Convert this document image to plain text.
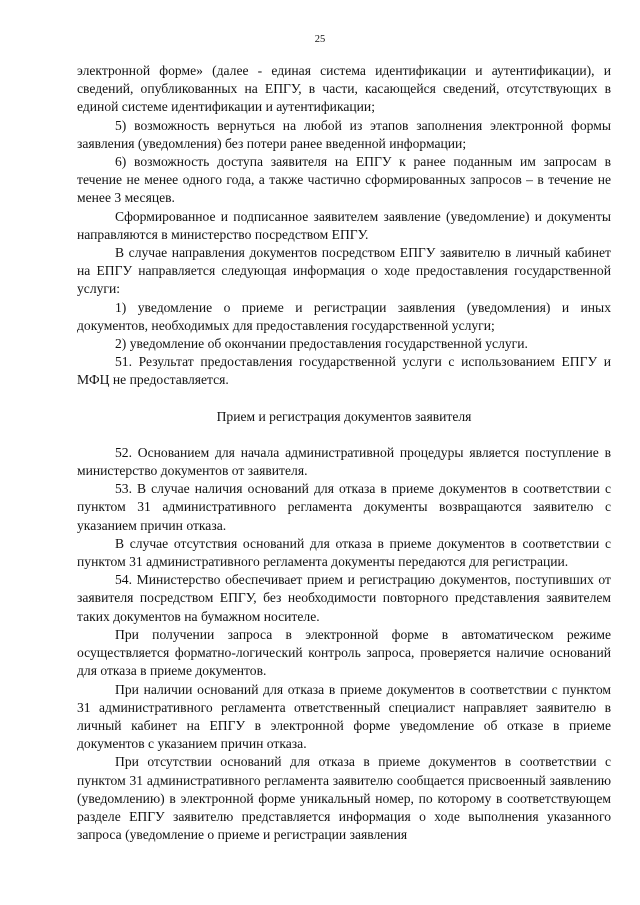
25

электронной форме» (далее - единая система идентификации и аутентификации), и сведений, опубликованных на ЕПГУ, в части, касающейся сведений, отсутствующих в единой системе идентификации и аутентификации;

5) возможность вернуться на любой из этапов заполнения электронной формы заявления (уведомления) без потери ранее введенной информации;

6) возможность доступа заявителя на ЕПГУ к ранее поданным им запросам в течение не менее одного года, а также частично сформированных запросов – в течение не менее 3 месяцев.

Сформированное и подписанное заявителем заявление (уведомление) и документы направляются в министерство посредством ЕПГУ.

В случае направления документов посредством ЕПГУ заявителю в личный кабинет на ЕПГУ направляется следующая информация о ходе предоставления государственной услуги:

1) уведомление о приеме и регистрации заявления (уведомления) и иных документов, необходимых для предоставления государственной услуги;

2) уведомление об окончании предоставления государственной услуги.

51. Результат предоставления государственной услуги с использованием ЕПГУ и МФЦ не предоставляется.

Прием и регистрация документов заявителя

52. Основанием для начала административной процедуры является поступление в министерство документов от заявителя.

53. В случае наличия оснований для отказа в приеме документов в соответствии с пунктом 31 административного регламента документы возвращаются заявителю с указанием причин отказа.

В случае отсутствия оснований для отказа в приеме документов в соответствии с пунктом 31 административного регламента документы передаются для регистрации.

54. Министерство обеспечивает прием и регистрацию документов, поступивших от заявителя посредством ЕПГУ, без необходимости повторного представления заявителем таких документов на бумажном носителе.

При получении запроса в электронной форме в автоматическом режиме осуществляется форматно-логический контроль запроса, проверяется наличие оснований для отказа в приеме документов.

При наличии оснований для отказа в приеме документов в соответствии с пунктом 31 административного регламента ответственный специалист направляет заявителю в личный кабинет на ЕПГУ в электронной форме уведомление об отказе в приеме документов с указанием причин отказа.

При отсутствии оснований для отказа в приеме документов в соответствии с пунктом 31 административного регламента заявителю сообщается присвоенный заявлению (уведомлению) в электронной форме уникальный номер, по которому в соответствующем разделе ЕПГУ заявителю представляется информация о ходе выполнения указанного запроса (уведомление о приеме и регистрации заявления
